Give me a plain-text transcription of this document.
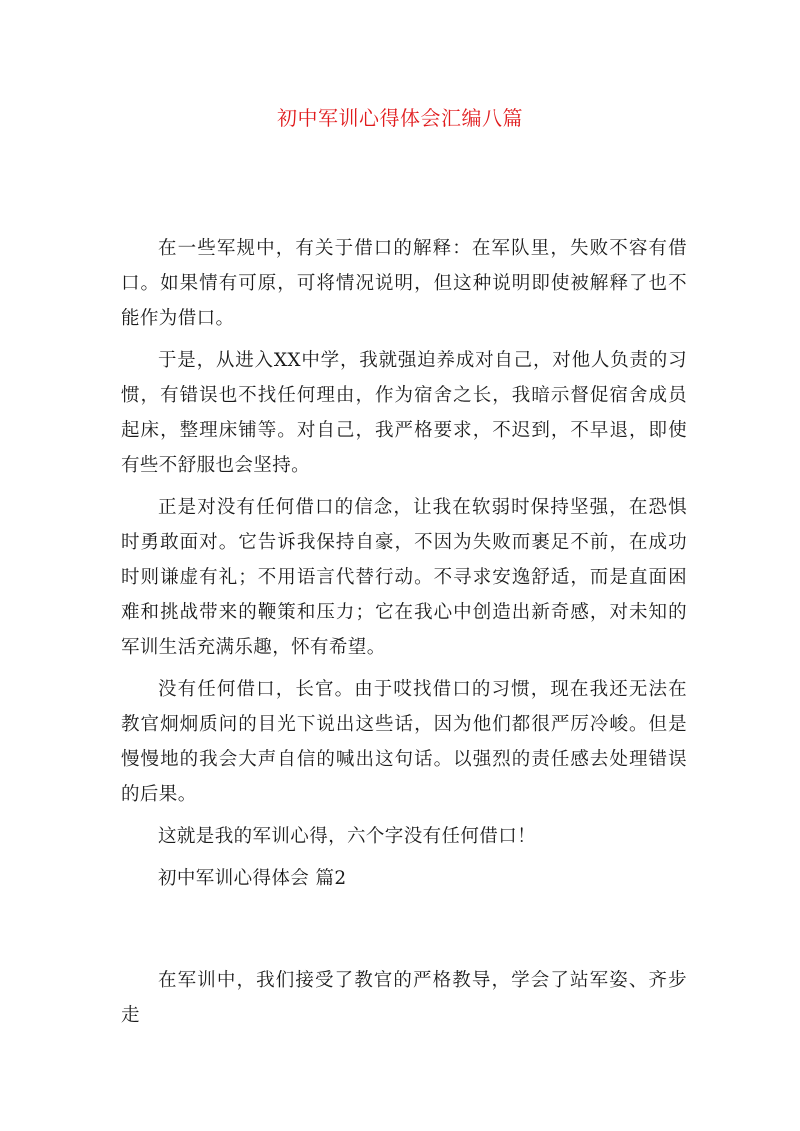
初中军训心得体会汇编八篇

在一些军规中，有关于借口的解释：在军队里，失败不容有借口。如果情有可原，可将情况说明，但这种说明即使被解释了也不能作为借口。

于是，从进入XX中学，我就强迫养成对自己，对他人负责的习惯，有错误也不找任何理由，作为宿舍之长，我暗示督促宿舍成员起床，整理床铺等。对自己，我严格要求，不迟到，不早退，即使有些不舒服也会坚持。

正是对没有任何借口的信念，让我在软弱时保持坚强，在恐惧时勇敢面对。它告诉我保持自豪，不因为失败而裹足不前，在成功时则谦虚有礼；不用语言代替行动。不寻求安逸舒适，而是直面困难和挑战带来的鞭策和压力；它在我心中创造出新奇感，对未知的军训生活充满乐趣，怀有希望。

没有任何借口，长官。由于哎找借口的习惯，现在我还无法在教官炯炯质问的目光下说出这些话，因为他们都很严厉冷峻。但是慢慢地的我会大声自信的喊出这句话。以强烈的责任感去处理错误的后果。

这就是我的军训心得，六个字没有任何借口！

初中军训心得体会 篇2

在军训中，我们接受了教官的严格教导，学会了站军姿、齐步走
